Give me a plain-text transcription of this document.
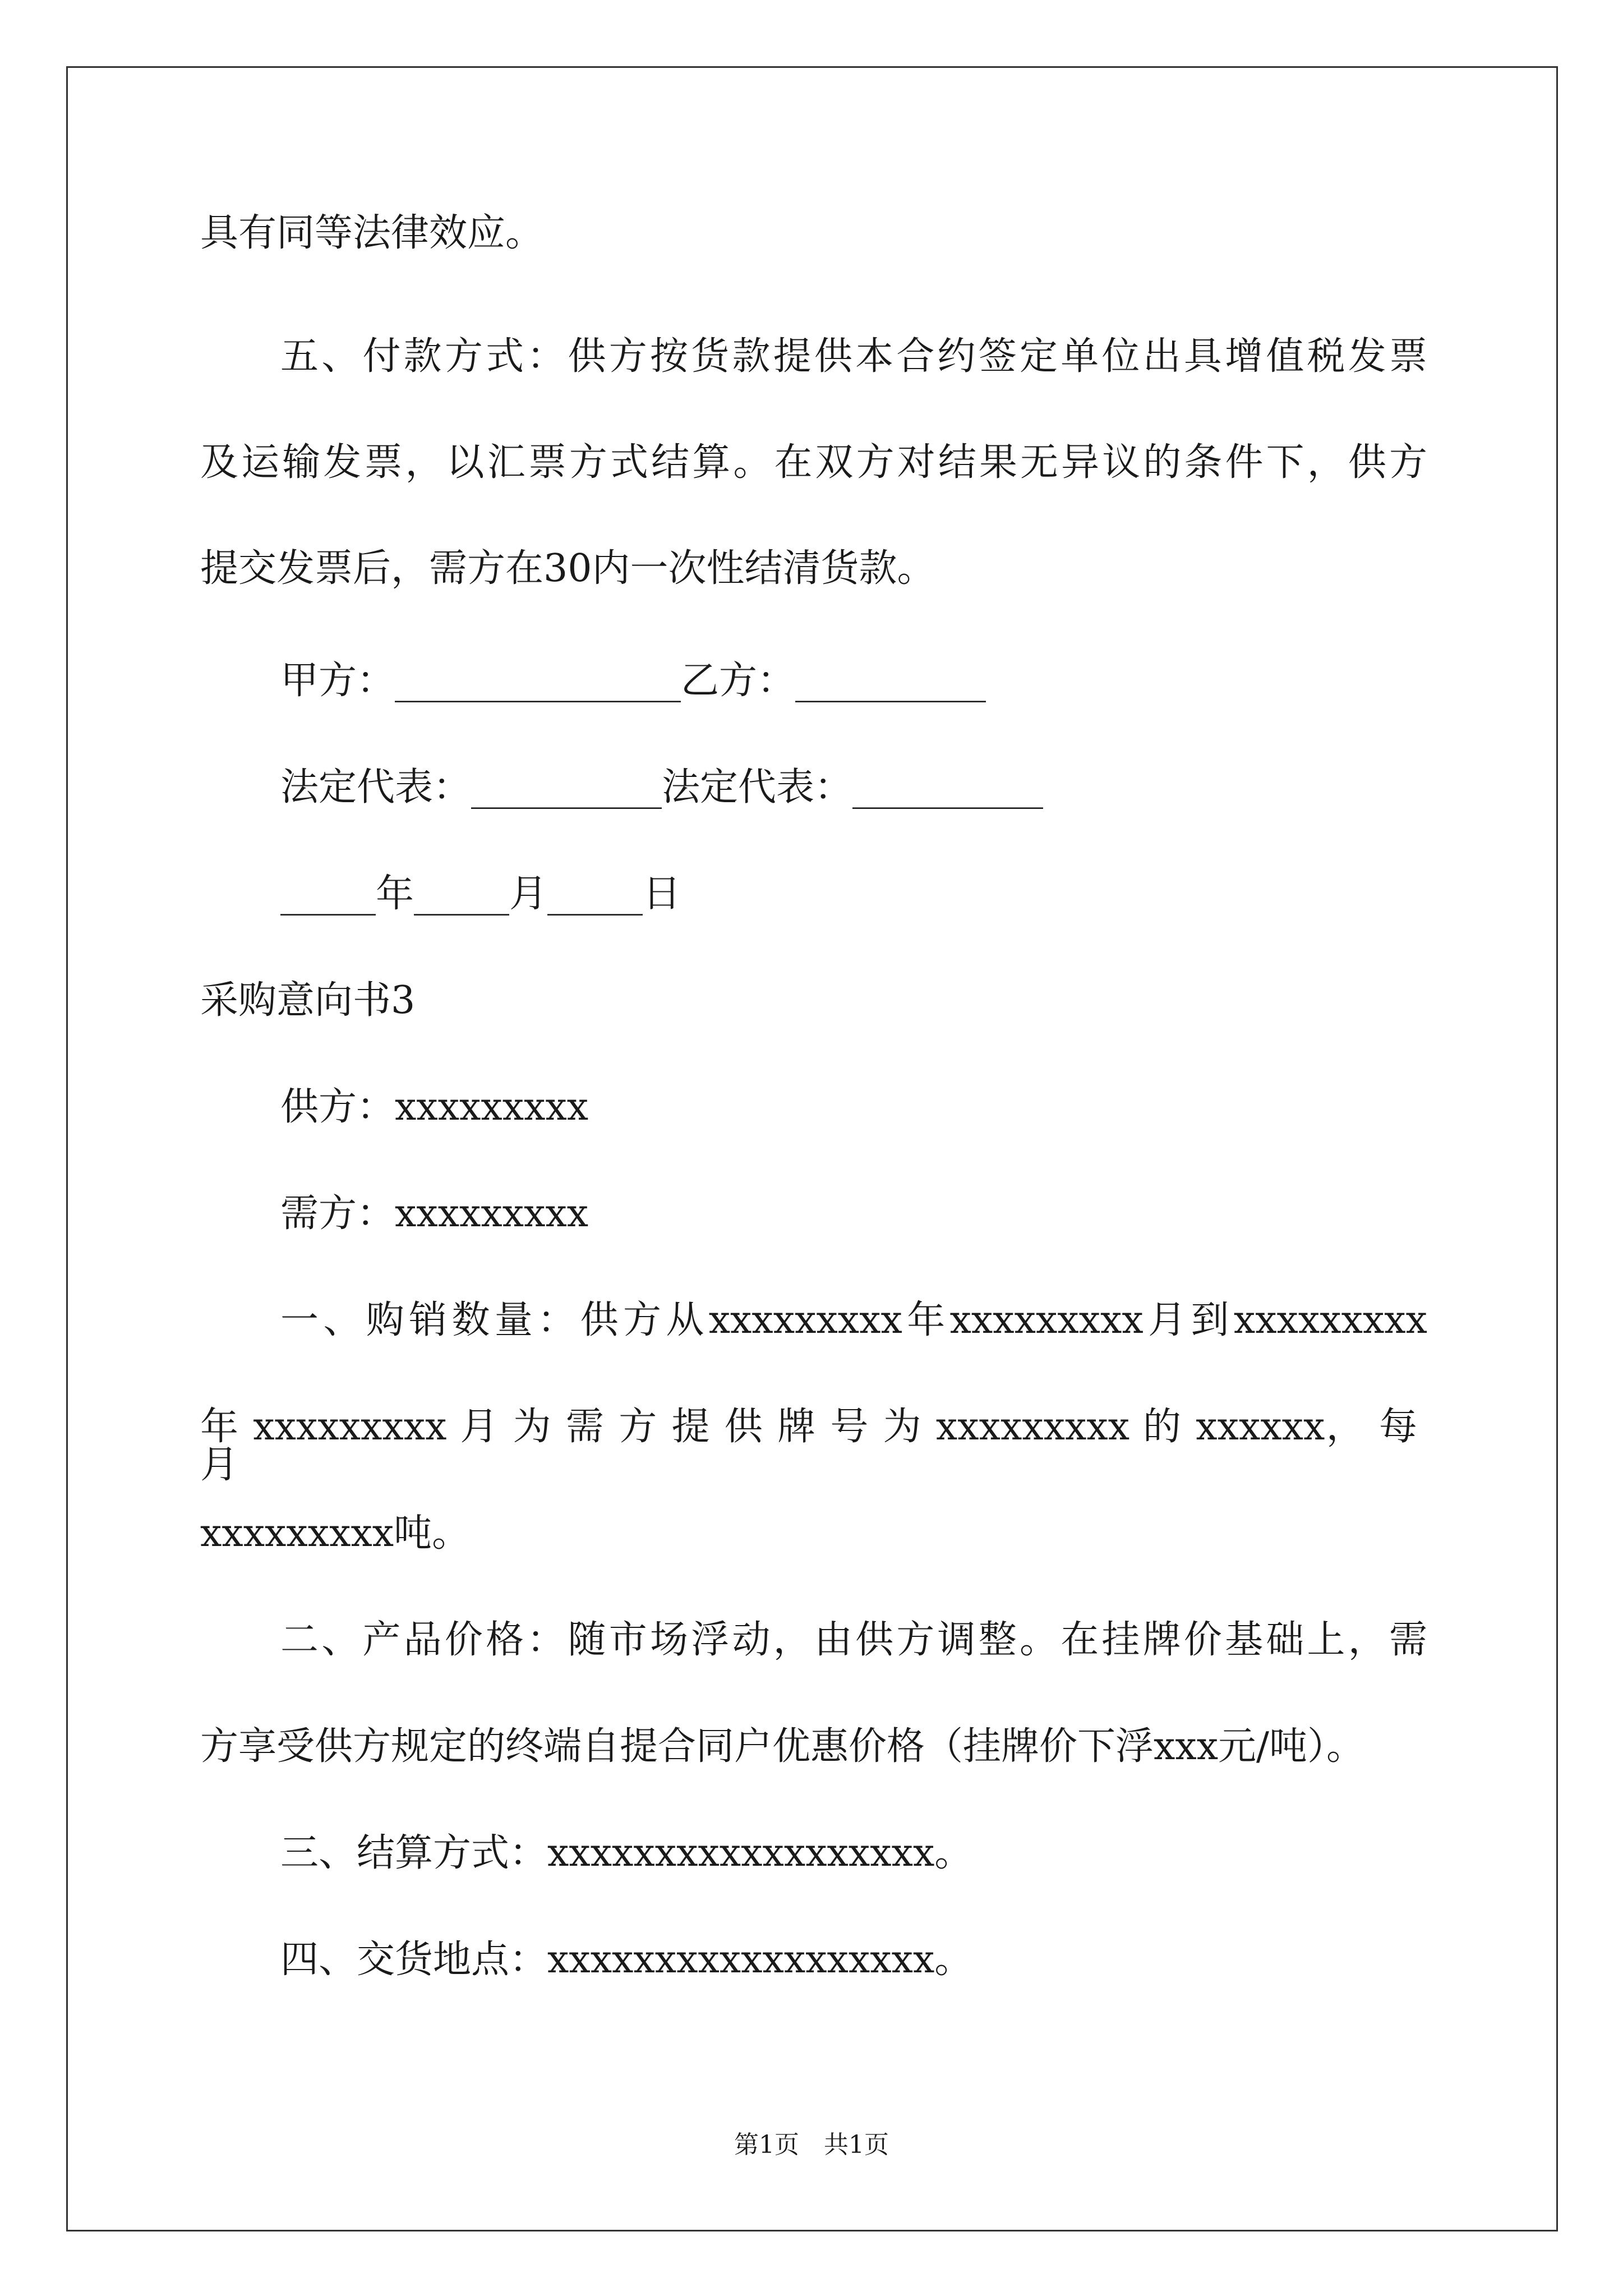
具有同等法律效应。
五、付款方式：供方按货款提供本合约签定单位出具增值税发票
及运输发票，以汇票方式结算。在双方对结果无异议的条件下，供方
提交发票后，需方在30内一次性结清货款。
甲方：_______________乙方：__________
法定代表：__________法定代表：__________
_____年_____月_____日
采购意向书3
供方：xxxxxxxxx
需方：xxxxxxxxx
一、购销数量：供方从xxxxxxxxx年xxxxxxxxx月到xxxxxxxxx
年 xxxxxxxxx 月 为 需 方 提 供 牌 号 为 xxxxxxxxx 的 xxxxxx， 每 月
xxxxxxxxx吨。
二、产品价格：随市场浮动，由供方调整。在挂牌价基础上，需
方享受供方规定的终端自提合同户优惠价格（挂牌价下浮xxx元/吨）。
三、结算方式：xxxxxxxxxxxxxxxxxx。
四、交货地点：xxxxxxxxxxxxxxxxxx。
第1页　共1页
